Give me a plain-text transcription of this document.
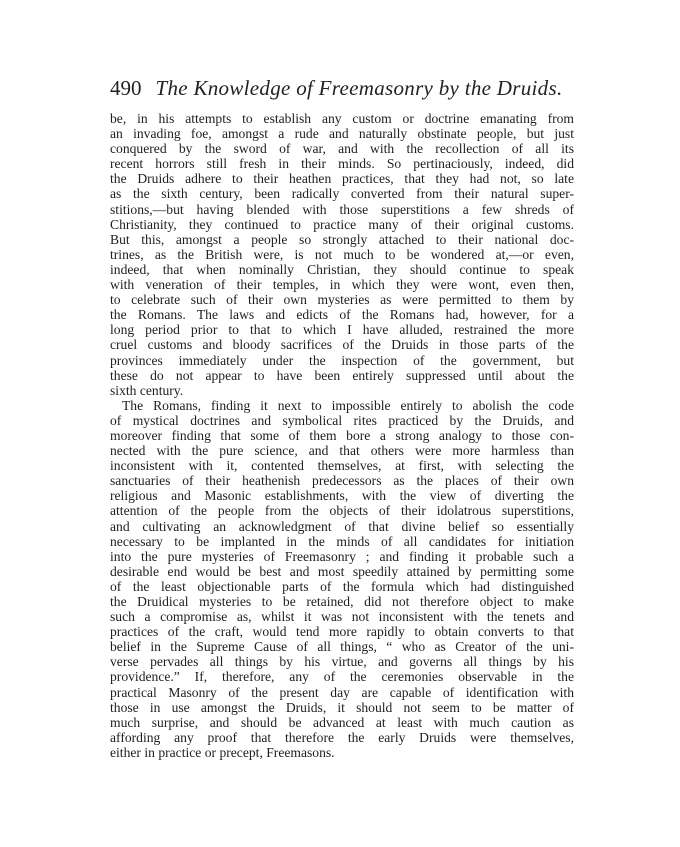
490 The Knowledge of Freemasonry by the Druids.
be, in his attempts to establish any custom or doctrine emanating from
an invading foe, amongst a rude and naturally obstinate people, but just
conquered by the sword of war, and with the recollection of all its
recent horrors still fresh in their minds. So pertinaciously, indeed, did
the Druids adhere to their heathen practices, that they had not, so late
as the sixth century, been radically converted from their natural super-
stitions,—but having blended with those superstitions a few shreds of
Christianity, they continued to practice many of their original customs.
But this, amongst a people so strongly attached to their national doc-
trines, as the British were, is not much to be wondered at,—or even,
indeed, that when nominally Christian, they should continue to speak
with veneration of their temples, in which they were wont, even then,
to celebrate such of their own mysteries as were permitted to them by
the Romans. The laws and edicts of the Romans had, however, for a
long period prior to that to which I have alluded, restrained the more
cruel customs and bloody sacrifices of the Druids in those parts of the
provinces immediately under the inspection of the government, but
these do not appear to have been entirely suppressed until about the
sixth century.
The Romans, finding it next to impossible entirely to abolish the code
of mystical doctrines and symbolical rites practiced by the Druids, and
moreover finding that some of them bore a strong analogy to those con-
nected with the pure science, and that others were more harmless than
inconsistent with it, contented themselves, at first, with selecting the
sanctuaries of their heathenish predecessors as the places of their own
religious and Masonic establishments, with the view of diverting the
attention of the people from the objects of their idolatrous superstitions,
and cultivating an acknowledgment of that divine belief so essentially
necessary to be implanted in the minds of all candidates for initiation
into the pure mysteries of Freemasonry ; and finding it probable such a
desirable end would be best and most speedily attained by permitting some
of the least objectionable parts of the formula which had distinguished
the Druidical mysteries to be retained, did not therefore object to make
such a compromise as, whilst it was not inconsistent with the tenets and
practices of the craft, would tend more rapidly to obtain converts to that
belief in the Supreme Cause of all things, “ who as Creator of the uni-
verse pervades all things by his virtue, and governs all things by his
providence.” If, therefore, any of the ceremonies observable in the
practical Masonry of the present day are capable of identification with
those in use amongst the Druids, it should not seem to be matter of
much surprise, and should be advanced at least with much caution as
affording any proof that therefore the early Druids were themselves,
either in practice or precept, Freemasons.
